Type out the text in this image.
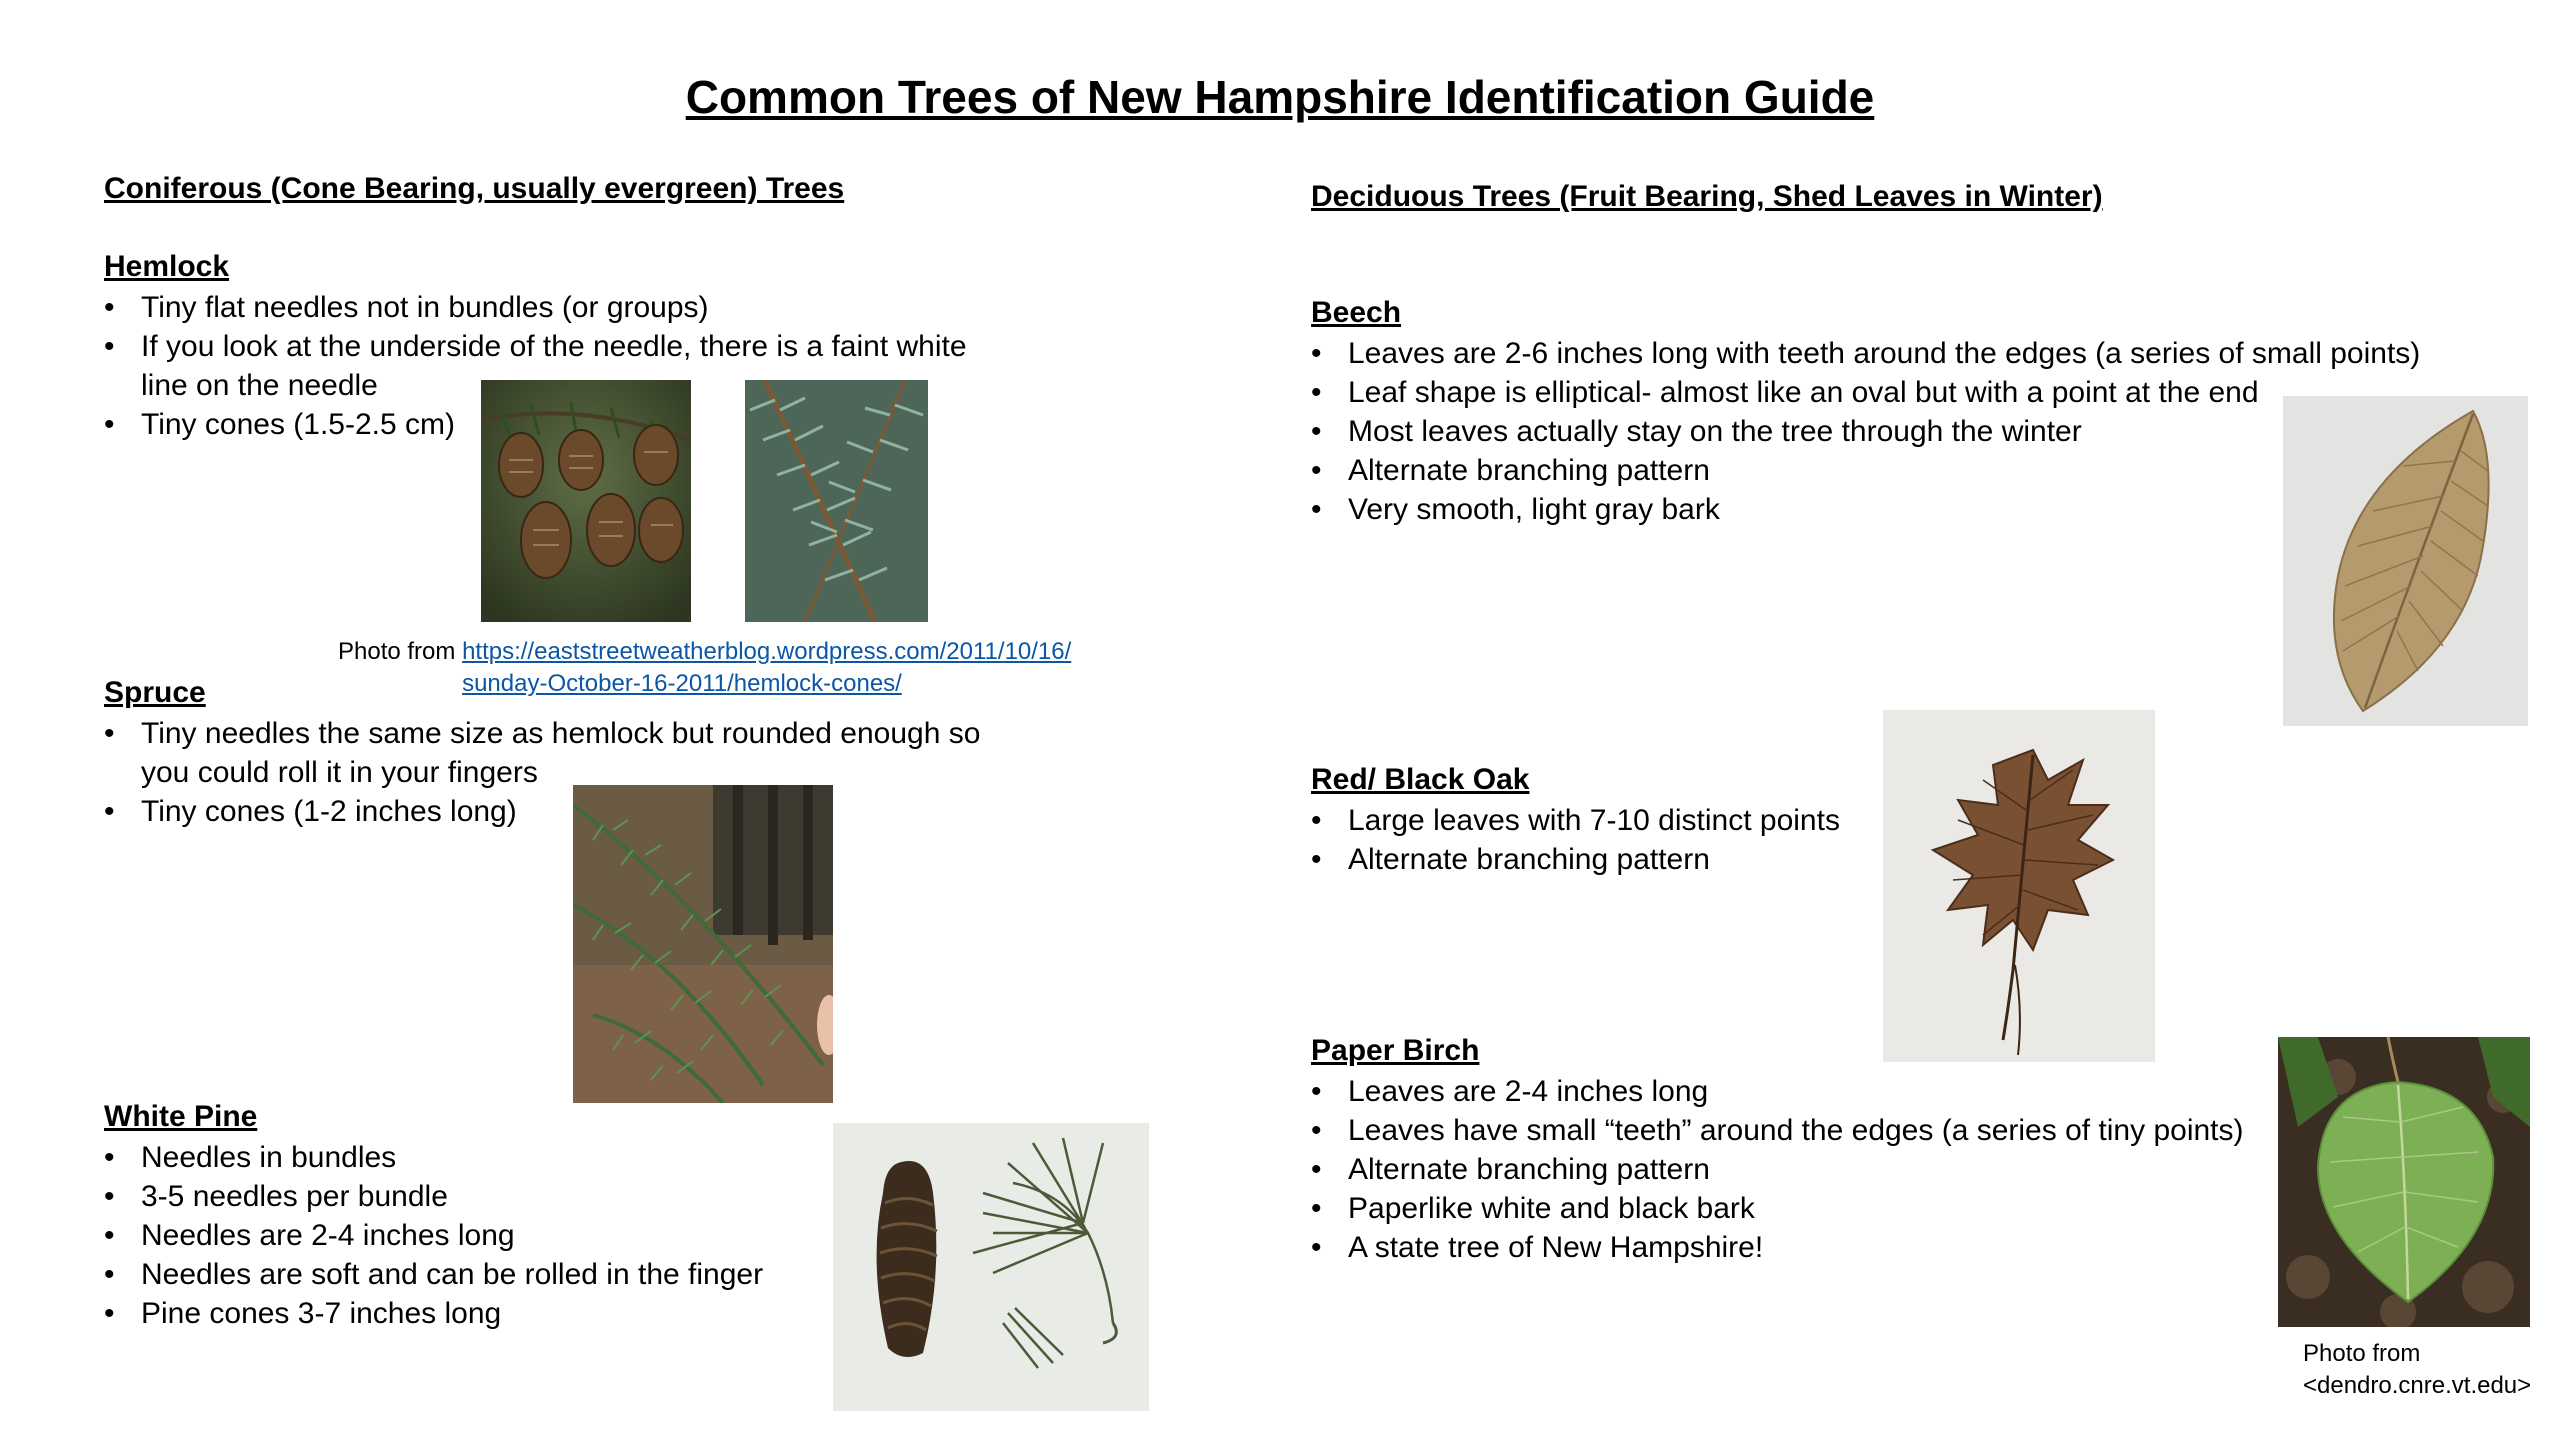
Common Trees of New Hampshire Identification Guide
Coniferous (Cone Bearing, usually evergreen) Trees
Hemlock
• Tiny flat needles not in bundles (or groups)
• If you look at the underside of the needle, there is a faint white line on the needle
• Tiny cones (1.5-2.5 cm)
Photo from https://eaststreetweatherblog.wordpress.com/2011/10/16/sunday-October-16-2011/hemlock-cones/
Spruce
• Tiny needles the same size as hemlock but rounded enough so you could roll it in your fingers
• Tiny cones (1-2 inches long)
White Pine
• Needles in bundles
• 3-5 needles per bundle
• Needles are 2-4 inches long
• Needles are soft and can be rolled in the finger
• Pine cones 3-7 inches long
Deciduous Trees (Fruit Bearing, Shed Leaves in Winter)
Beech
• Leaves are 2-6 inches long with teeth around the edges (a series of small points)
• Leaf shape is elliptical- almost like an oval but with a point at the end
• Most leaves actually stay on the tree through the winter
• Alternate branching pattern
• Very smooth, light gray bark
Red/ Black Oak
• Large leaves with 7-10 distinct points
• Alternate branching pattern
Paper Birch
• Leaves are 2-4 inches long
• Leaves have small “teeth” around the edges (a series of tiny points)
• Alternate branching pattern
• Paperlike white and black bark
• A state tree of New Hampshire!
Photo from
<dendro.cnre.vt.edu>
